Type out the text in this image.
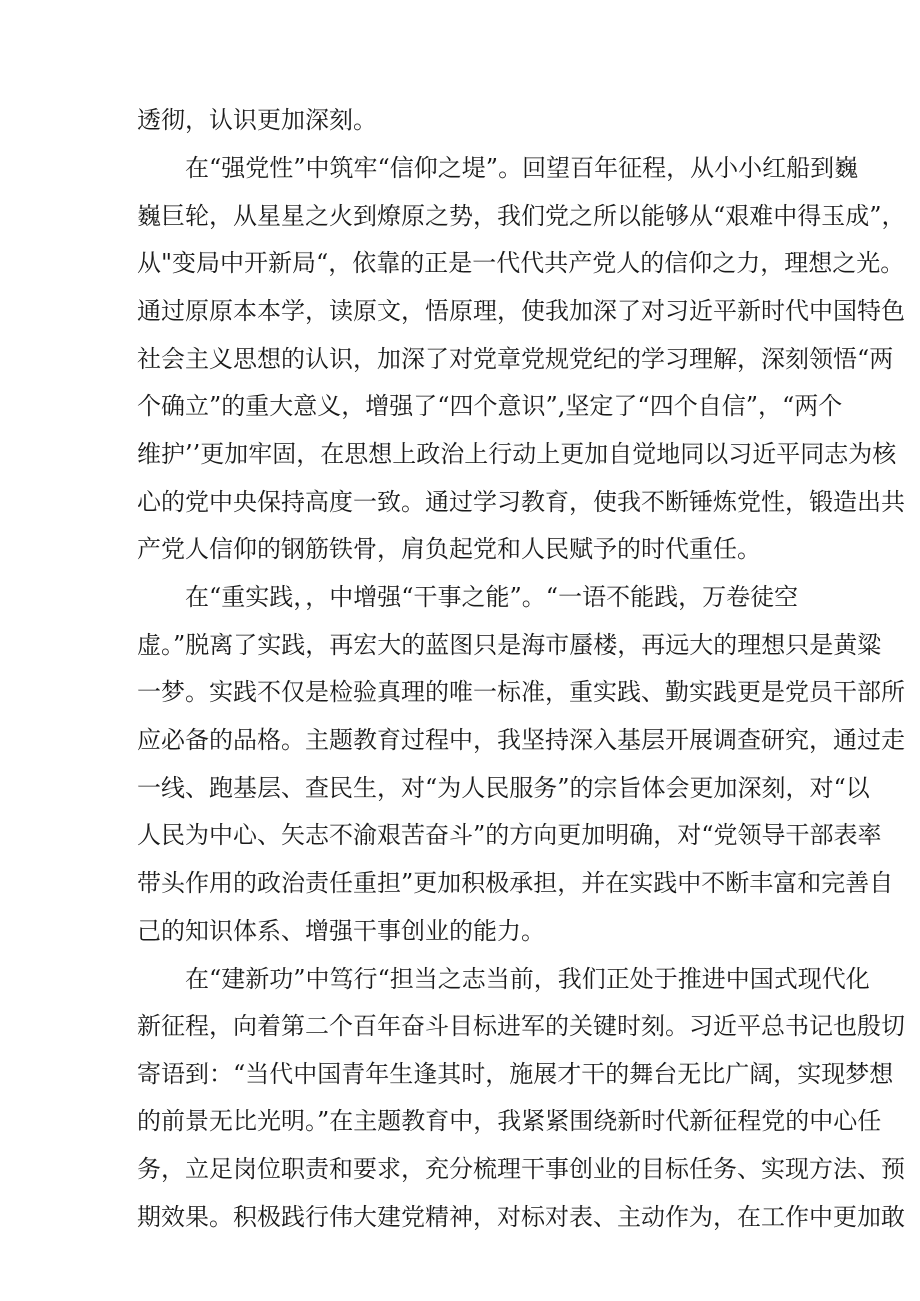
透彻，认识更加深刻。
在“强党性”中筑牢“信仰之堤”。回望百年征程，从小小红船到巍
巍巨轮，从星星之火到燎原之势，我们党之所以能够从“艰难中得玉成”，
从"变局中开新局“，依靠的正是一代代共产党人的信仰之力，理想之光。
通过原原本本学，读原文，悟原理，使我加深了对习近平新时代中国特色
社会主义思想的认识，加深了对党章党规党纪的学习理解，深刻领悟“两
个确立”的重大意义，增强了“四个意识”,坚定了“四个自信”，“两个
维护’’更加牢固，在思想上政治上行动上更加自觉地同以习近平同志为核
心的党中央保持高度一致。通过学习教育，使我不断锤炼党性，锻造出共
产党人信仰的钢筋铁骨，肩负起党和人民赋予的时代重任。
在“重实践，，中增强“干事之能”。“一语不能践，万卷徒空
虚。”脱离了实践，再宏大的蓝图只是海市蜃楼，再远大的理想只是黄粱
一梦。实践不仅是检验真理的唯一标准，重实践、勤实践更是党员干部所
应必备的品格。主题教育过程中，我坚持深入基层开展调查研究，通过走
一线、跑基层、查民生，对“为人民服务”的宗旨体会更加深刻，对“以
人民为中心、矢志不渝艰苦奋斗”的方向更加明确，对“党领导干部表率
带头作用的政治责任重担”更加积极承担，并在实践中不断丰富和完善自
己的知识体系、增强干事创业的能力。
在“建新功”中笃行“担当之志当前，我们正处于推进中国式现代化
新征程，向着第二个百年奋斗目标进军的关键时刻。习近平总书记也殷切
寄语到：“当代中国青年生逢其时，施展才干的舞台无比广阔，实现梦想
的前景无比光明。”在主题教育中，我紧紧围绕新时代新征程党的中心任
务，立足岗位职责和要求，充分梳理干事创业的目标任务、实现方法、预
期效果。积极践行伟大建党精神，对标对表、主动作为，在工作中更加敢
